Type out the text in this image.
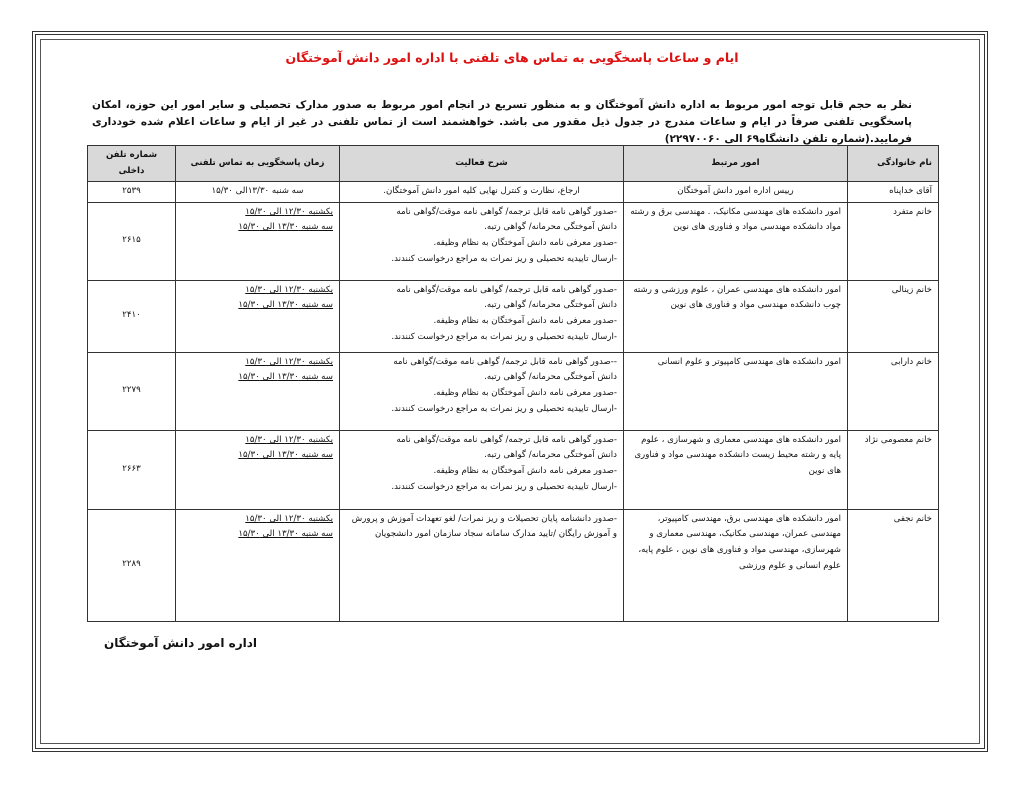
ایام و ساعات پاسخگویی به تماس های تلفنی با اداره امور دانش آموختگان
نظر به حجم قابل توجه امور مربوط به اداره دانش آموختگان و به منظور تسریع در انجام امور مربوط به صدور مدارک تحصیلی و سایر امور این حوزه، امکان پاسخگویی تلفنی صرفاً در ایام و ساعات مندرج در جدول ذیل مقدور می باشد. خواهشمند است از تماس تلفنی در غیر از ایام و ساعات اعلام شده خودداری فرمایید.(شماره تلفن دانشگاه۶۹ الی ۲۲۹۷۰۰۶۰)
نام خانوادگی	امور مرتبط	شرح فعالیت	زمان پاسخگویی به تماس تلفنی	شماره تلفن داخلی
آقای خداپناه	رییس اداره امور دانش آموختگان	ارجاع، نظارت و کنترل نهایی کلیه امور دانش آموختگان.	سه شنبه ۱۳/۳۰الی ۱۵/۳۰	۲۵۳۹
خانم متفرد	امور دانشکده های مهندسی مکانیک، . مهندسی برق و رشته مواد دانشکده مهندسی مواد و فناوری های نوین	-صدور گواهی نامه قابل ترجمه/ گواهی نامه موقت/گواهی نامه
دانش آموختگی محرمانه/ گواهی رتبه.
-صدور معرفی نامه دانش آموختگان به نظام وظیفه.
-ارسال تاییدیه تحصیلی و ریز نمرات به مراجع درخواست کنندند.	یکشنبه ۱۲/۳۰ الی ۱۵/۳۰
سه شنبه ۱۳/۳۰ الی ۱۵/۳۰	۲۶۱۵
خانم زینالی	امور دانشکده های مهندسی عمران ، علوم ورزشی و رشته چوب دانشکده مهندسی مواد و فناوری های نوین	-صدور گواهی نامه قابل ترجمه/ گواهی نامه موقت/گواهی نامه
دانش آموختگی محرمانه/ گواهی رتبه.
-صدور معرفی نامه دانش آموختگان به نظام وظیفه.
-ارسال تاییدیه تحصیلی و ریز نمرات به مراجع درخواست کنندند.	یکشنبه ۱۲/۳۰ الی ۱۵/۳۰
سه شنبه ۱۳/۳۰ الی ۱۵/۳۰	۲۴۱۰
خانم دارابی	امور دانشکده های مهندسی کامپیوتر و علوم انسانی	--صدور گواهی نامه قابل ترجمه/ گواهی نامه موقت/گواهی نامه
دانش آموختگی محرمانه/ گواهی رتبه.
-صدور معرفی نامه دانش آموختگان به نظام وظیفه.
-ارسال تاییدیه تحصیلی و ریز نمرات به مراجع درخواست کنندند.	یکشنبه ۱۲/۳۰ الی ۱۵/۳۰
سه شنبه ۱۳/۳۰ الی ۱۵/۳۰	۲۲۷۹
خانم معصومی نژاد	امور دانشکده های مهندسی معماری و شهرسازی ، علوم پایه و رشته محیط زیست دانشکده مهندسی مواد و فناوری های نوین	-صدور گواهی نامه قابل ترجمه/ گواهی نامه موقت/گواهی نامه
دانش آموختگی محرمانه/ گواهی رتبه.
-صدور معرفی نامه دانش آموختگان به نظام وظیفه.
-ارسال تاییدیه تحصیلی و ریز نمرات به مراجع درخواست کنندند.	یکشنبه ۱۲/۳۰ الی ۱۵/۳۰
سه شنبه ۱۳/۳۰ الی ۱۵/۳۰	۲۶۶۳
خانم نجفی	امور دانشکده های مهندسی برق، مهندسی کامپیوتر، مهندسی عمران، مهندسی مکانیک، مهندسی معماری و شهرسازی، مهندسی مواد و فناوری های نوین ، علوم پایه، علوم انسانی و علوم ورزشی	-صدور دانشنامه پایان تحصیلات و ریز نمرات/ لغو تعهدات آموزش و پرورش و آموزش رایگان /تایید مدارک سامانه سجاد سازمان امور دانشجویان	یکشنبه ۱۲/۳۰ الی ۱۵/۳۰
سه شنبه ۱۳/۳۰ الی ۱۵/۳۰	۲۲۸۹
اداره امور دانش آموختگان
